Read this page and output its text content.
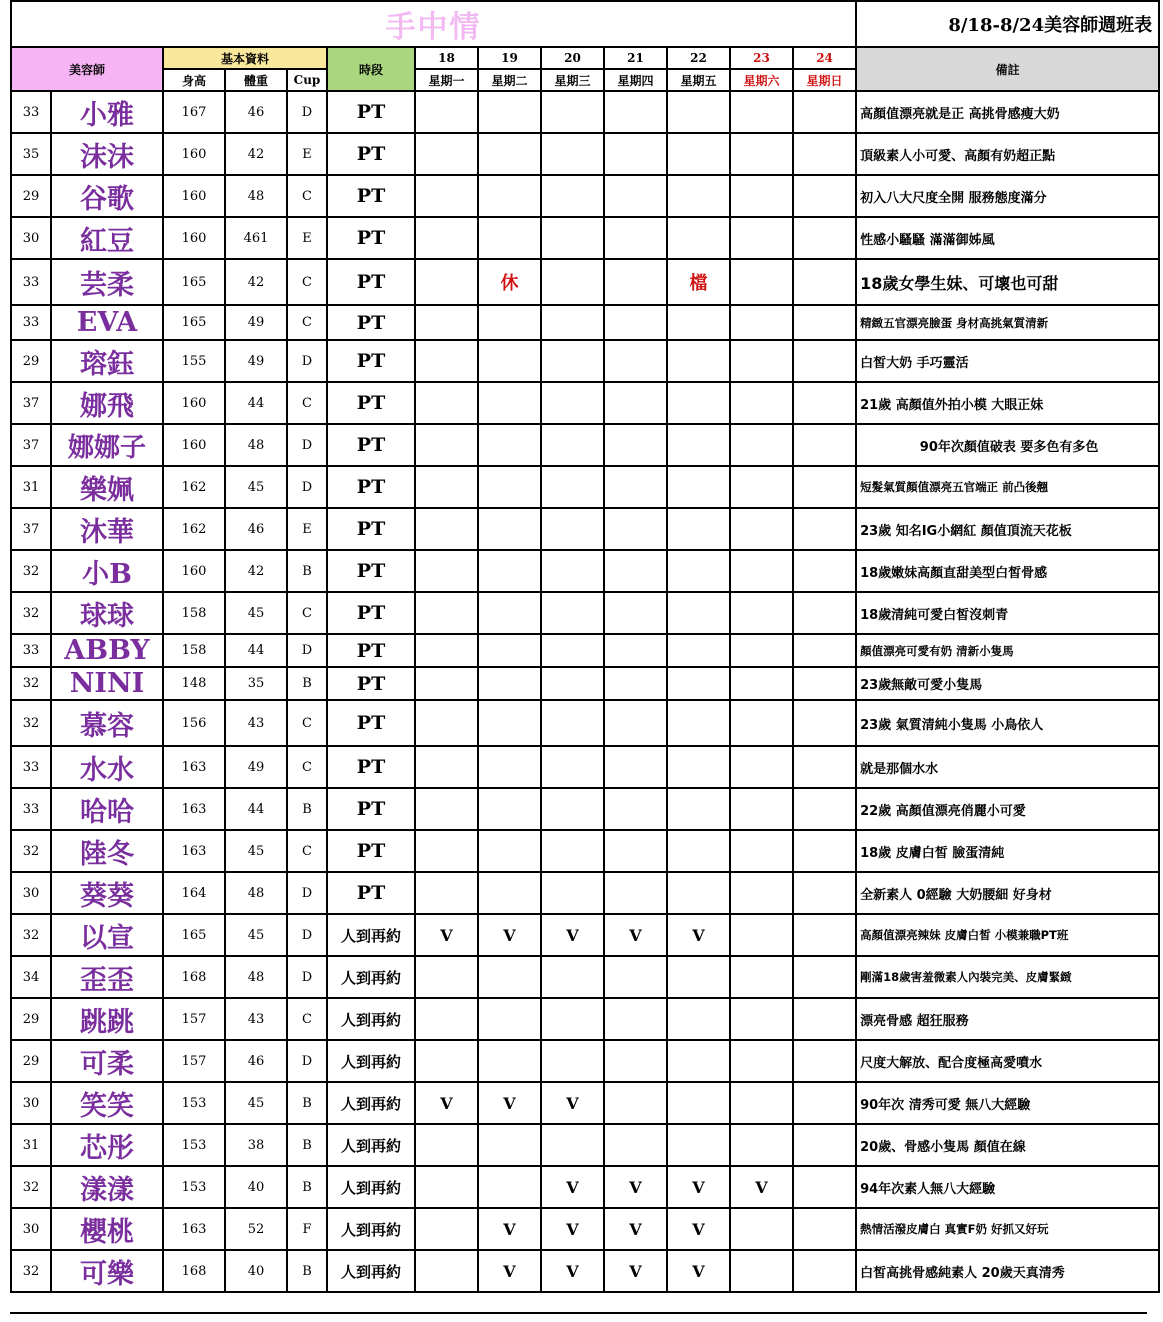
手中情													8/18-8/24美容師週班表
美容師		基本資料			時段	18	19	20	21	22	23	24	備註
		身高	體重	Cup		星期一	星期二	星期三	星期四	星期五	星期六	星期日	
33	小雅	167	46	D	PT								高顏值漂亮就是正 高挑骨感瘦大奶
35	沫沫	160	42	E	PT								頂級素人小可愛、高顏有奶超正點
29	谷歌	160	48	C	PT								初入八大尺度全開 服務態度滿分
30	紅豆	160	461	E	PT								性感小騷騷 滿滿御姊風
33	芸柔	165	42	C	PT		休			檔			18歲女學生妹、可壞也可甜
33	EVA	165	49	C	PT								精緻五官漂亮臉蛋 身材高挑氣質清新
29	瑢鈺	155	49	D	PT								白皙大奶 手巧靈活
37	娜飛	160	44	C	PT								21歲 高顏值外拍小模 大眼正妹
37	娜娜子	160	48	D	PT								90年次顏值破表 要多色有多色
31	樂姵	162	45	D	PT								短髮氣質顏值漂亮五官端正 前凸後翹
37	沐華	162	46	E	PT								23歲 知名IG小網紅 顏值頂流天花板
32	小B	160	42	B	PT								18歲嫩妹高顏直甜美型白皙骨感
32	球球	158	45	C	PT								18歲清純可愛白皙沒刺青
33	ABBY	158	44	D	PT								顏值漂亮可愛有奶 清新小隻馬
32	NINI	148	35	B	PT								23歲無敵可愛小隻馬
32	慕容	156	43	C	PT								23歲 氣質清純小隻馬 小鳥依人
33	水水	163	49	C	PT								就是那個水水
33	哈哈	163	44	B	PT								22歲 高顏值漂亮俏麗小可愛
32	陸冬	163	45	C	PT								18歲 皮膚白皙 臉蛋清純
30	葵葵	164	48	D	PT								全新素人 0經驗 大奶腰細 好身材
32	以宣	165	45	D	人到再約	V	V	V	V	V			高顏值漂亮辣妹 皮膚白皙 小模兼職PT班
34	歪歪	168	48	D	人到再約								剛滿18歲害羞微素人內裝完美、皮膚緊緻
29	跳跳	157	43	C	人到再約								漂亮骨感 超狂服務
29	可柔	157	46	D	人到再約								尺度大解放、配合度極高愛噴水
30	笑笑	153	45	B	人到再約	V	V	V					90年次 清秀可愛 無八大經驗
31	芯彤	153	38	B	人到再約								20歲、骨感小隻馬 顏值在線
32	漾漾	153	40	B	人到再約			V	V	V	V		94年次素人無八大經驗
30	櫻桃	163	52	F	人到再約		V	V	V	V			熱情活潑皮膚白 真實F奶 好抓又好玩
32	可樂	168	40	B	人到再約		V	V	V	V			白皙高挑骨感純素人 20歲天真清秀
